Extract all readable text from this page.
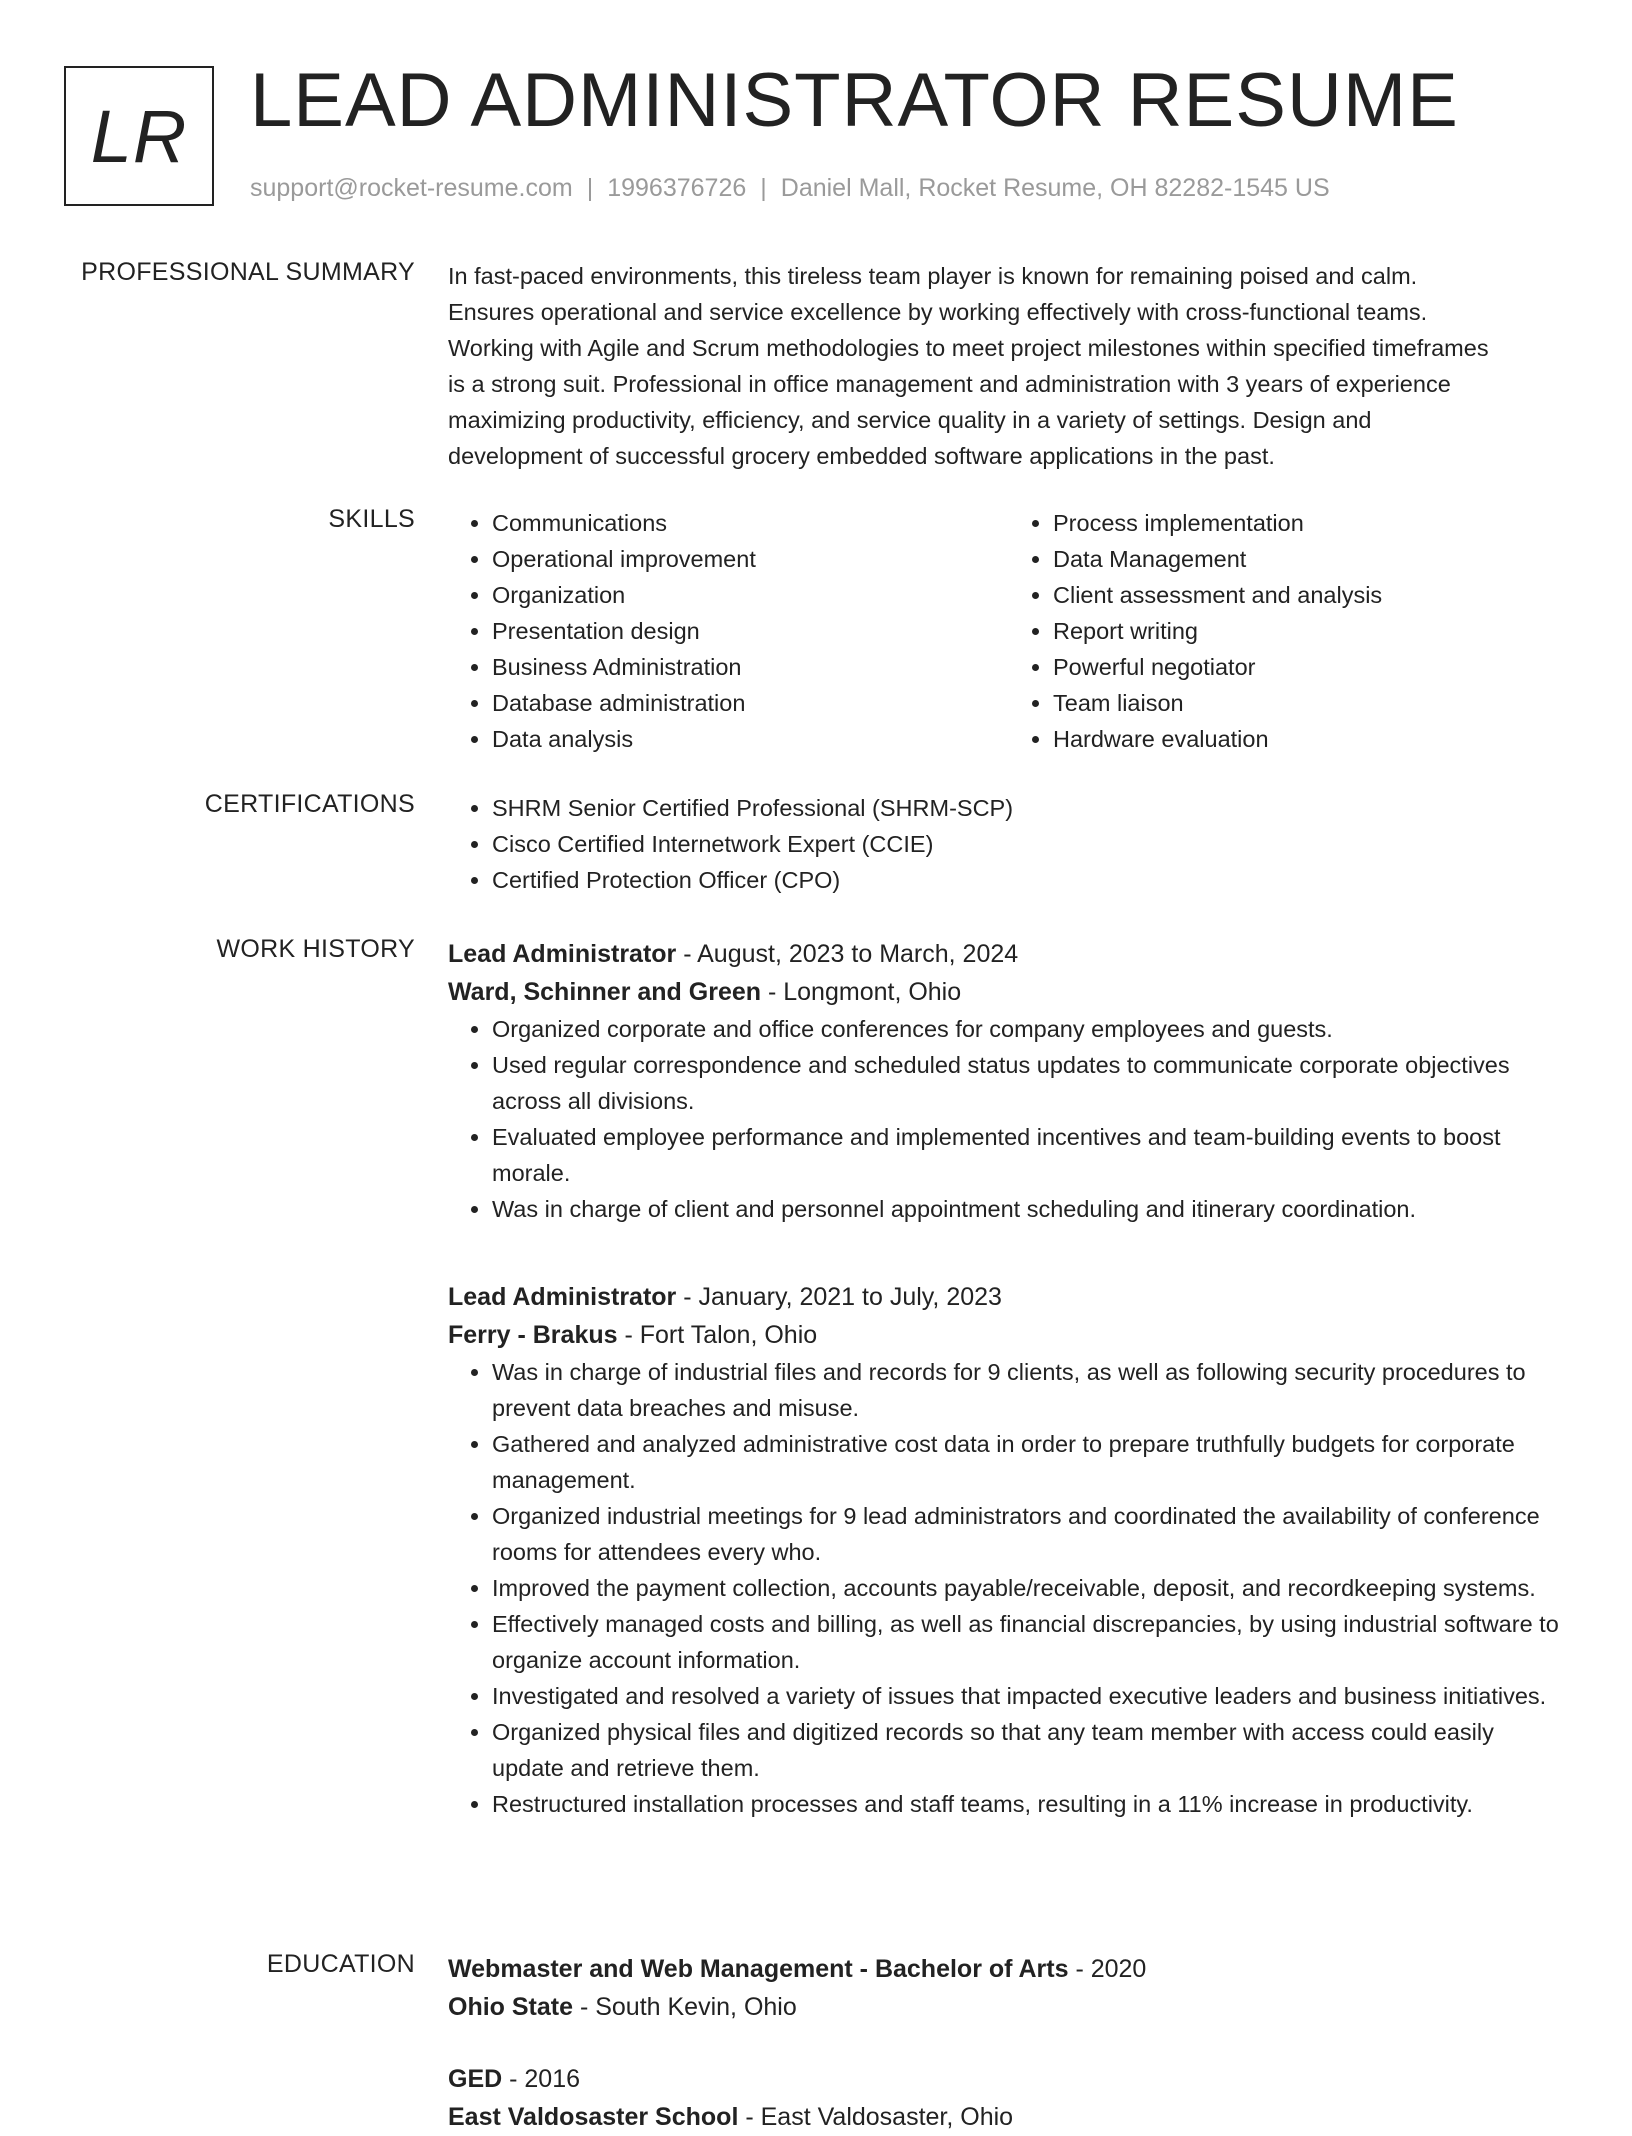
LR LEAD ADMINISTRATOR RESUME
support@rocket-resume.com | 1996376726 | Daniel Mall, Rocket Resume, OH 82282-1545 US
PROFESSIONAL SUMMARY In fast-paced environments, this tireless team player is known for remaining poised and calm.
Ensures operational and service excellence by working effectively with cross-functional teams.
Working with Agile and Scrum methodologies to meet project milestones within specified timeframes
is a strong suit. Professional in office management and administration with 3 years of experience
maximizing productivity, efficiency, and service quality in a variety of settings. Design and
development of successful grocery embedded software applications in the past.

SKILLS	• Communications
• Operational improvement
• Organization
• Presentation design
• Business Administration
• Database administration
• Data analysis
• Process implementation
• Data Management
• Client assessment and analysis
• Report writing
• Powerful negotiator
• Team liaison
• Hardware evaluation
CERTIFICATIONS	• SHRM Senior Certified Professional (SHRM-SCP)
• Cisco Certified Internetwork Expert (CCIE)
• Certified Protection Officer (CPO)
WORK HISTORY Lead Administrator - August, 2023 to March, 2024
Ward, Schinner and Green - Longmont, Ohio
• Organized corporate and office conferences for company employees and guests.
• Used regular correspondence and scheduled status updates to communicate corporate objectives across all divisions.
• Evaluated employee performance and implemented incentives and team-building events to boost morale.
• Was in charge of client and personnel appointment scheduling and itinerary coordination.
Lead Administrator - January, 2021 to July, 2023
Ferry - Brakus - Fort Talon, Ohio
• Was in charge of industrial files and records for 9 clients, as well as following security procedures to prevent data breaches and misuse.
• Gathered and analyzed administrative cost data in order to prepare truthfully budgets for corporate management.
• Organized industrial meetings for 9 lead administrators and coordinated the availability of conference rooms for attendees every who.
• Improved the payment collection, accounts payable/receivable, deposit, and recordkeeping systems.
• Effectively managed costs and billing, as well as financial discrepancies, by using industrial software to organize account information.
• Investigated and resolved a variety of issues that impacted executive leaders and business initiatives.
• Organized physical files and digitized records so that any team member with access could easily update and retrieve them.
• Restructured installation processes and staff teams, resulting in a 11% increase in productivity.
EDUCATION Webmaster and Web Management - Bachelor of Arts - 2020
Ohio State - South Kevin, Ohio
GED - 2016
East Valdosaster School - East Valdosaster, Ohio
